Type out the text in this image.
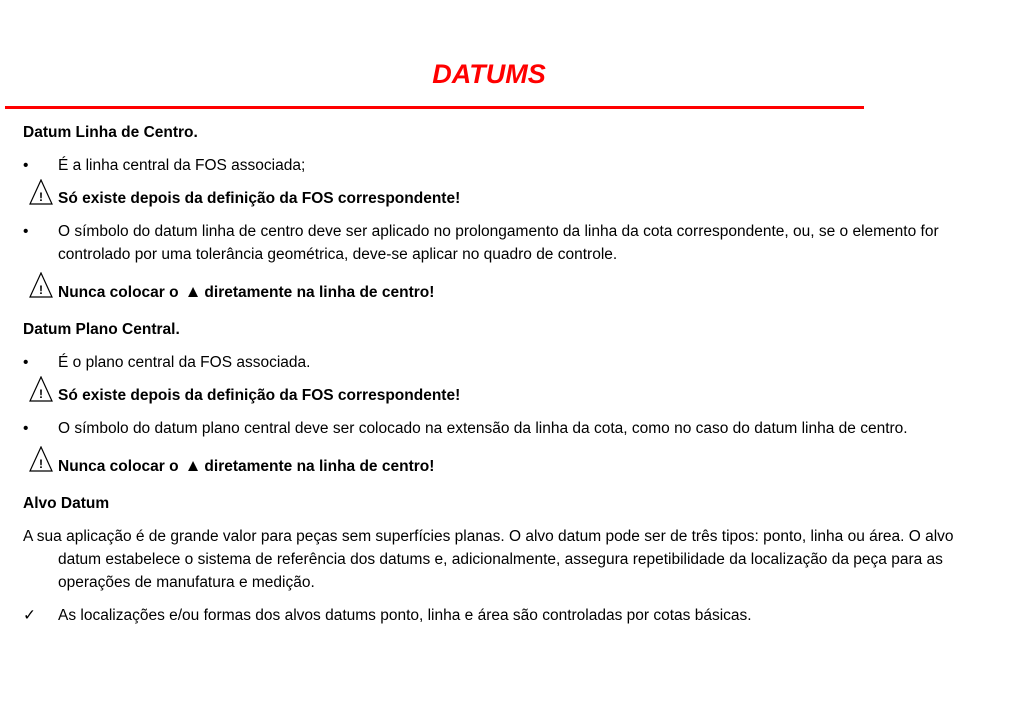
DATUMS
Datum Linha de Centro.
• É a linha central da FOS associada;
! Só existe depois da definição da FOS correspondente!
• O símbolo do datum linha de centro deve ser aplicado no prolongamento da linha da cota correspondente, ou, se o elemento for controlado por uma tolerância geométrica, deve-se aplicar no quadro de controle.
! Nunca colocar o ▲ diretamente na linha de centro!
Datum Plano Central.
• É o plano central da FOS associada.
! Só existe depois da definição da FOS correspondente!
• O símbolo do datum plano central deve ser colocado na extensão da linha da cota, como no caso do datum linha de centro.
! Nunca colocar o ▲ diretamente na linha de centro!
Alvo Datum
A sua aplicação é de grande valor para peças sem superfícies planas. O alvo datum pode ser de três tipos: ponto, linha ou área. O alvo datum estabelece o sistema de referência dos datums e, adicionalmente, assegura repetibilidade da localização da peça para as operações de manufatura e medição.
✓ As localizações e/ou formas dos alvos datums ponto, linha e área são controladas por cotas básicas.
